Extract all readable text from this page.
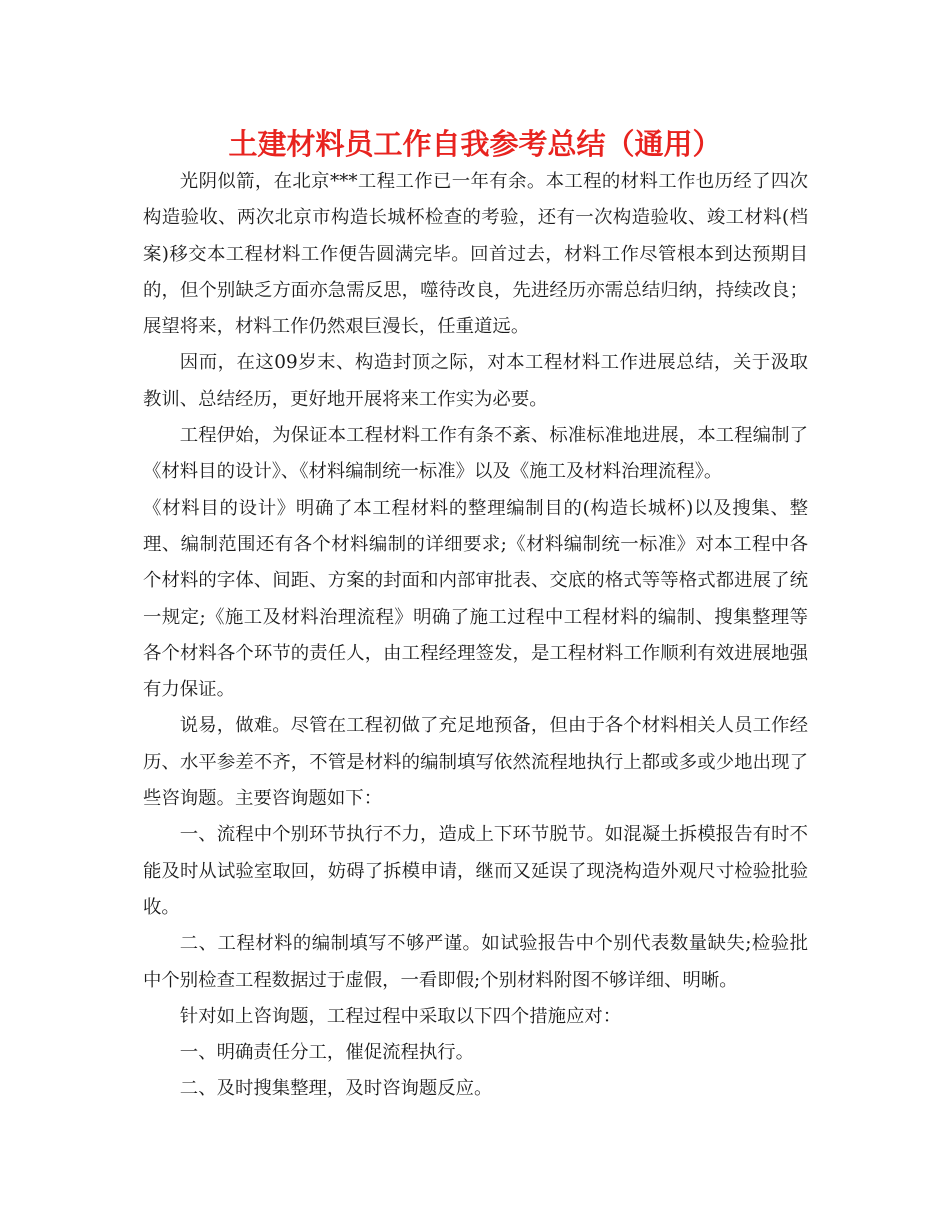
土建材料员工作自我参考总结（通用）

光阴似箭，在北京***工程工作已一年有余。本工程的材料工作也历经了四次构造验收、两次北京市构造长城杯检查的考验，还有一次构造验收、竣工材料(档案)移交本工程材料工作便告圆满完毕。回首过去，材料工作尽管根本到达预期目的，但个别缺乏方面亦急需反思，噬待改良，先进经历亦需总结归纳，持续改良；展望将来，材料工作仍然艰巨漫长，任重道远。

因而，在这09岁末、构造封顶之际，对本工程材料工作进展总结，关于汲取教训、总结经历，更好地开展将来工作实为必要。

工程伊始，为保证本工程材料工作有条不紊、标准标准地进展，本工程编制了《材料目的设计》、《材料编制统一标准》以及《施工及材料治理流程》。

《材料目的设计》明确了本工程材料的整理编制目的(构造长城杯)以及搜集、整理、编制范围还有各个材料编制的详细要求;《材料编制统一标准》对本工程中各个材料的字体、间距、方案的封面和内部审批表、交底的格式等等格式都进展了统一规定;《施工及材料治理流程》明确了施工过程中工程材料的编制、搜集整理等各个材料各个环节的责任人，由工程经理签发，是工程材料工作顺利有效进展地强有力保证。

说易，做难。尽管在工程初做了充足地预备，但由于各个材料相关人员工作经历、水平参差不齐，不管是材料的编制填写依然流程地执行上都或多或少地出现了些咨询题。主要咨询题如下：

一、流程中个别环节执行不力，造成上下环节脱节。如混凝土拆模报告有时不能及时从试验室取回，妨碍了拆模申请，继而又延误了现浇构造外观尺寸检验批验收。

二、工程材料的编制填写不够严谨。如试验报告中个别代表数量缺失;检验批中个别检查工程数据过于虚假，一看即假;个别材料附图不够详细、明晰。

针对如上咨询题，工程过程中采取以下四个措施应对：

一、明确责任分工，催促流程执行。

二、及时搜集整理，及时咨询题反应。
